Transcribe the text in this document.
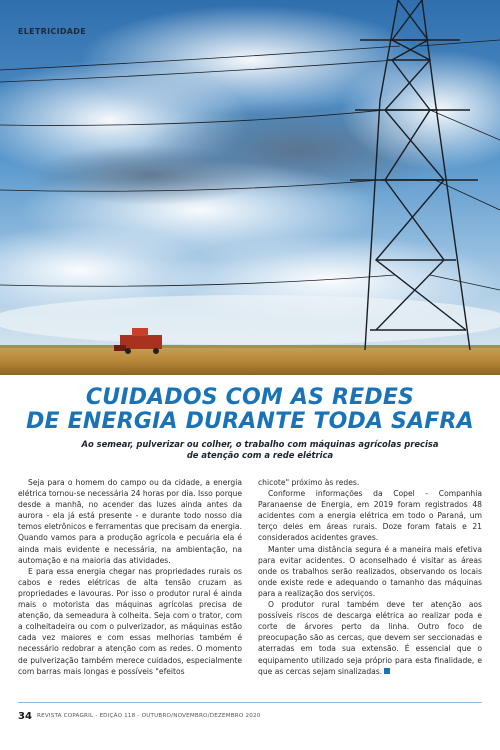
ELETRICIDADE
CUIDADOS COM AS REDES
DE ENERGIA DURANTE TODA SAFRA
Ao semear, pulverizar ou colher, o trabalho com máquinas agrícolas precisa
de atenção com a rede elétrica

Seja para o homem do campo ou da cidade, a energia elétrica tornou-se necessária 24 horas por dia. Isso porque desde a manhã, no acender das luzes ainda antes da aurora - ela já está presente - e durante todo nosso dia temos eletrônicos e ferramentas que precisam da energia. Quando vamos para a produção agrícola e pecuária ela é ainda mais evidente e necessária, na ambientação, na automação e na maioria das atividades.

E para essa energia chegar nas propriedades rurais os cabos e redes elétricas de alta tensão cruzam as propriedades e lavouras. Por isso o produtor rural é ainda mais o motorista das máquinas agrícolas precisa de atenção, da semeadura à colheita. Seja com o trator, com a colheitadeira ou com o pulverizador, as máquinas estão cada vez maiores e com essas melhorias também é necessário redobrar a atenção com as redes. O momento de pulverização também merece cuidados, especialmente com barras mais longas e possíveis "efeitos

chicote" próximo às redes.

Conforme informações da Copel - Companhia Paranaense de Energia, em 2019 foram registrados 48 acidentes com a energia elétrica em todo o Paraná, um terço deles em áreas rurais. Doze foram fatais e 21 considerados acidentes graves.

Manter uma distância segura é a maneira mais efetiva para evitar acidentes. O aconselhado é visitar as áreas onde os trabalhos serão realizados, observando os locais onde existe rede e adequando o tamanho das máquinas para a realização dos serviços.

O produtor rural também deve ter atenção aos possíveis riscos de descarga elétrica ao realizar poda e corte de árvores perto da linha. Outro foco de preocupação são as cercas, que devem ser seccionadas e aterradas em toda sua extensão. É essencial que o equipamento utilizado seja próprio para esta finalidade, e que as cercas sejam sinalizadas.

34 REVISTA COPAGRIL - EDIÇÃO 118 - OUTUBRO/NOVEMBRO/DEZEMBRO 2020
